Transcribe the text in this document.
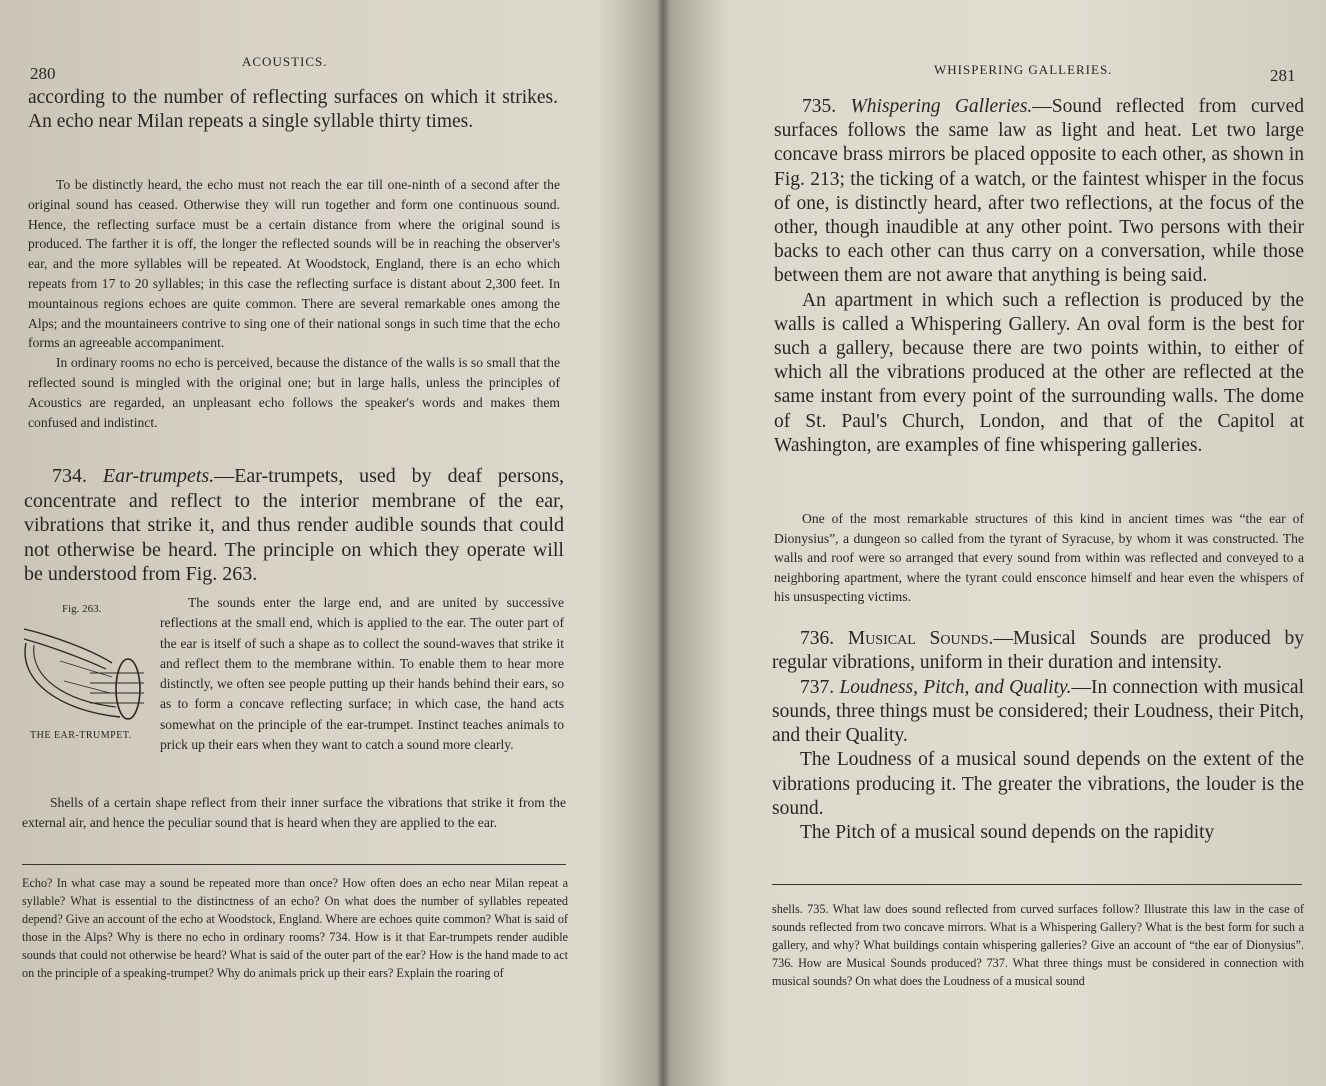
280
ACOUSTICS.

according to the number of reflecting surfaces on which it strikes. An echo near Milan repeats a single syllable thirty times.

To be distinctly heard, the echo must not reach the ear till one-ninth of a second after the original sound has ceased. Otherwise they will run together and form one continuous sound. Hence, the reflecting surface must be a certain distance from where the original sound is produced. The farther it is off, the longer the reflected sounds will be in reaching the observer's ear, and the more syllables will be repeated. At Woodstock, England, there is an echo which repeats from 17 to 20 syllables; in this case the reflecting surface is distant about 2,300 feet. In mountainous regions echoes are quite common. There are several remarkable ones among the Alps; and the mountaineers contrive to sing one of their national songs in such time that the echo forms an agreeable accompaniment.

In ordinary rooms no echo is perceived, because the distance of the walls is so small that the reflected sound is mingled with the original one; but in large halls, unless the principles of Acoustics are regarded, an unpleasant echo follows the speaker's words and makes them confused and indistinct.

734. Ear-trumpets.—Ear-trumpets, used by deaf persons, concentrate and reflect to the interior membrane of the ear, vibrations that strike it, and thus render audible sounds that could not otherwise be heard. The principle on which they operate will be understood from Fig. 263.

Fig. 263.
THE EAR-TRUMPET.

The sounds enter the large end, and are united by successive reflections at the small end, which is applied to the ear. The outer part of the ear is itself of such a shape as to collect the sound-waves that strike it and reflect them to the membrane within. To enable them to hear more distinctly, we often see people putting up their hands behind their ears, so as to form a concave reflecting surface; in which case, the hand acts somewhat on the principle of the ear-trumpet. Instinct teaches animals to prick up their ears when they want to catch a sound more clearly.

Shells of a certain shape reflect from their inner surface the vibrations that strike it from the external air, and hence the peculiar sound that is heard when they are applied to the ear.

Echo? In what case may a sound be repeated more than once? How often does an echo near Milan repeat a syllable? What is essential to the distinctness of an echo? On what does the number of syllables repeated depend? Give an account of the echo at Woodstock, England. Where are echoes quite common? What is said of those in the Alps? Why is there no echo in ordinary rooms? 734. How is it that Ear-trumpets render audible sounds that could not otherwise be heard? What is said of the outer part of the ear? How is the hand made to act on the principle of a speaking-trumpet? Why do animals prick up their ears? Explain the roaring of

WHISPERING GALLERIES.	281

735. Whispering Galleries.—Sound reflected from curved surfaces follows the same law as light and heat. Let two large concave brass mirrors be placed opposite to each other, as shown in Fig. 213; the ticking of a watch, or the faintest whisper in the focus of one, is distinctly heard, after two reflections, at the focus of the other, though inaudible at any other point. Two persons with their backs to each other can thus carry on a conversation, while those between them are not aware that anything is being said.

An apartment in which such a reflection is produced by the walls is called a Whispering Gallery. An oval form is the best for such a gallery, because there are two points within, to either of which all the vibrations produced at the other are reflected at the same instant from every point of the surrounding walls. The dome of St. Paul's Church, London, and that of the Capitol at Washington, are examples of fine whispering galleries.

One of the most remarkable structures of this kind in ancient times was “the ear of Dionysius”, a dungeon so called from the tyrant of Syracuse, by whom it was constructed. The walls and roof were so arranged that every sound from within was reflected and conveyed to a neighboring apartment, where the tyrant could ensconce himself and hear even the whispers of his unsuspecting victims.

736. Musical Sounds.—Musical Sounds are produced by regular vibrations, uniform in their duration and intensity.

737. Loudness, Pitch, and Quality.—In connection with musical sounds, three things must be considered; their Loudness, their Pitch, and their Quality.

The Loudness of a musical sound depends on the extent of the vibrations producing it. The greater the vibrations, the louder is the sound.

The Pitch of a musical sound depends on the rapidity

shells. 735. What law does sound reflected from curved surfaces follow? Illustrate this law in the case of sounds reflected from two concave mirrors. What is a Whispering Gallery? What is the best form for such a gallery, and why? What buildings contain whispering galleries? Give an account of “the ear of Dionysius”. 736. How are Musical Sounds produced? 737. What three things must be considered in connection with musical sounds? On what does the Loudness of a musical sound
